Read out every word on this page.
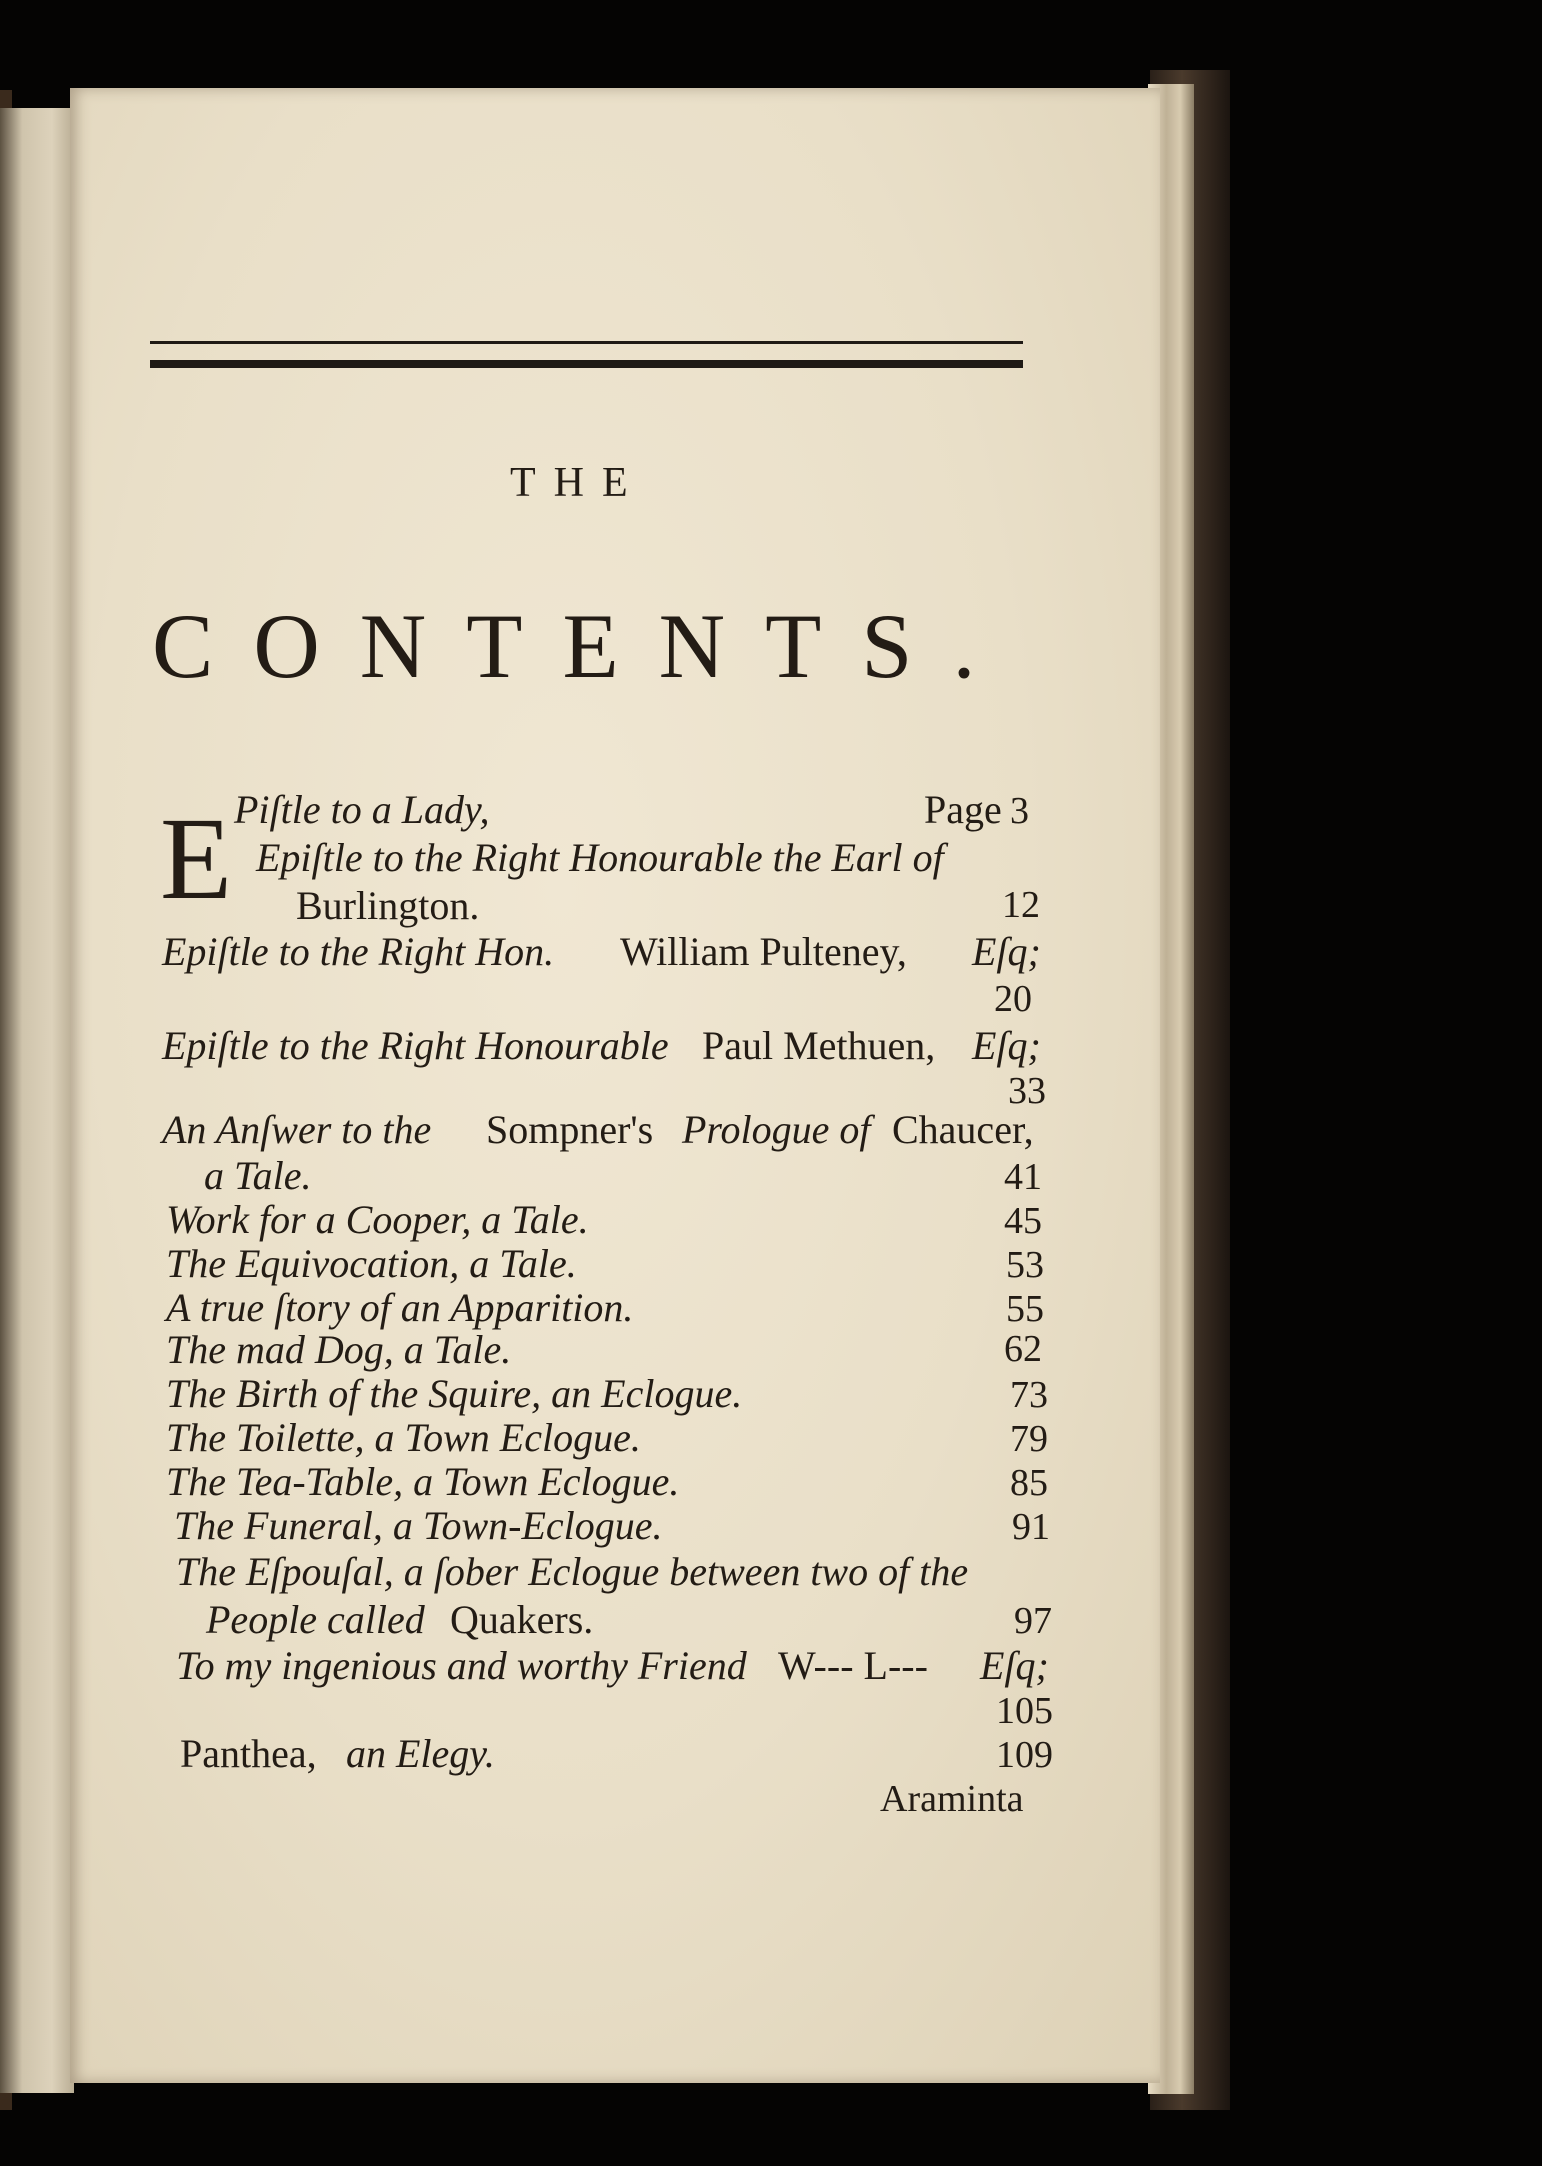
THE
CONTENTS.
E Piſtle to a Lady,	Page 3
Epiſtle to the Right Honourable the Earl of
Burlington.	12
Epiſtle to the Right Hon. William Pulteney, Eſq;
20
Epiſtle to the Right Honourable Paul Methuen, Eſq;
33
An Anſwer to the Sompner's Prologue of Chaucer,
a Tale.	41
Work for a Cooper, a Tale.	45
The Equivocation, a Tale.	53
A true ſtory of an Apparition.	55
The mad Dog, a Tale.	62
The Birth of the Squire, an Eclogue.	73
The Toilette, a Town Eclogue.	79
The Tea-Table, a Town Eclogue.	85
The Funeral, a Town-Eclogue.	91
The Eſpouſal, a ſober Eclogue between two of the
People called Quakers.	97
To my ingenious and worthy Friend W--- L--- Eſq;
105
Panthea, an Elegy.	109
Araminta
